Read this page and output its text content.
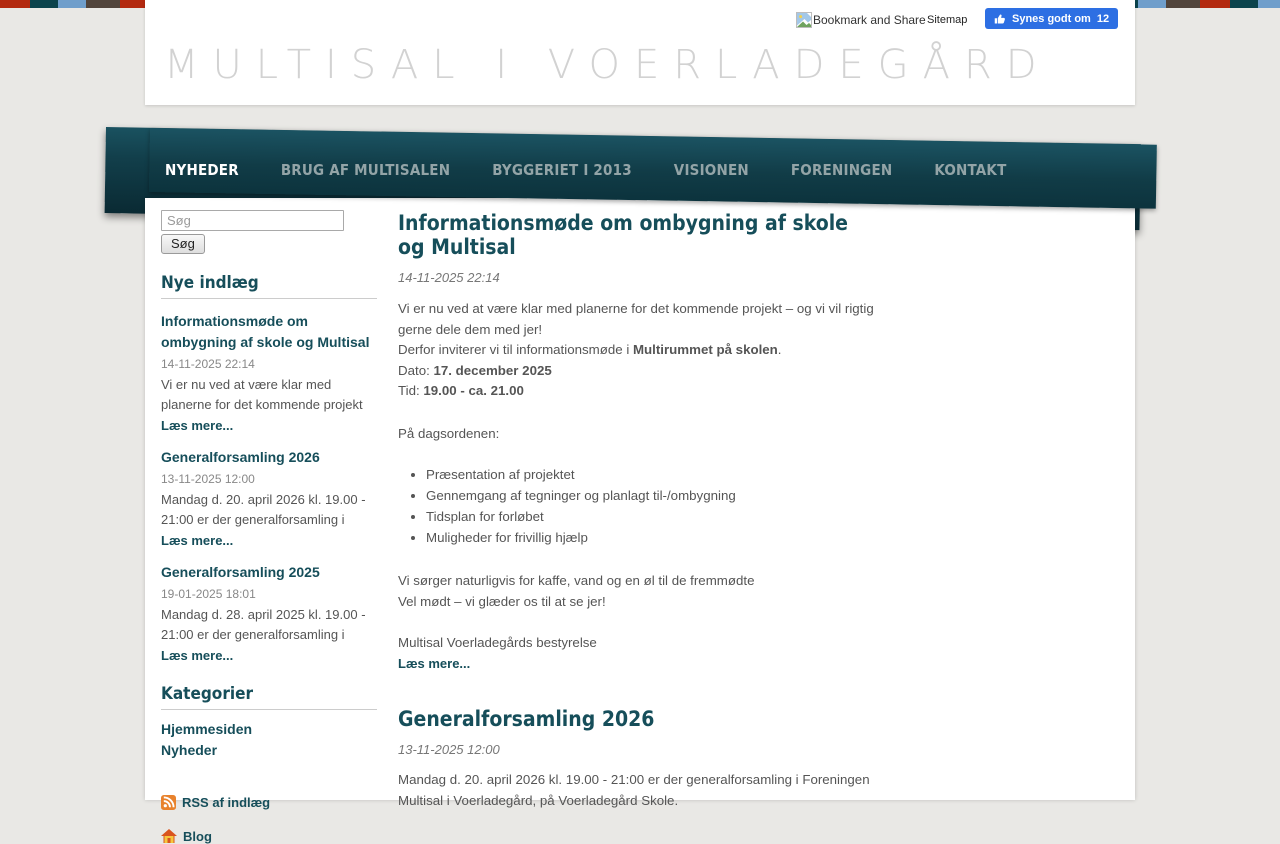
MULTISAL I VOERLADEGÅRD
Bookmark and Share Sitemap	Synes godt om 12
NYHEDER	BRUG AF MULTISALEN	BYGGERIET I 2013	VISIONEN	FORENINGEN	KONTAKT
Søg
Søg
Nye indlæg
Informationsmøde om ombygning af skole og Multisal
14-11-2025 22:14
Vi er nu ved at være klar med planerne for det kommende projekt
Læs mere...
Generalforsamling 2026
13-11-2025 12:00
Mandag d. 20. april 2026 kl. 19.00 - 21:00 er der generalforsamling i
Læs mere...
Generalforsamling 2025
19-01-2025 18:01
Mandag d. 28. april 2025 kl. 19.00 - 21:00 er der generalforsamling i
Læs mere...
Kategorier
Hjemmesiden
Nyheder
RSS af indlæg
Blog
Informationsmøde om ombygning af skole og Multisal
14-11-2025 22:14

Vi er nu ved at være klar med planerne for det kommende projekt – og vi vil rigtig gerne dele dem med jer!
Derfor inviterer vi til informationsmøde i Multirummet på skolen.
Dato: 17. december 2025
Tid: 19.00 - ca. 21.00

På dagsordenen:

• Præsentation af projektet
• Gennemgang af tegninger og planlagt til-/ombygning
• Tidsplan for forløbet
• Muligheder for frivillig hjælp

Vi sørger naturligvis for kaffe, vand og en øl til de fremmødte
Vel mødt – vi glæder os til at se jer!

Multisal Voerladegårds bestyrelse

Læs mere...
Generalforsamling 2026
13-11-2025 12:00

Mandag d. 20. april 2026 kl. 19.00 - 21:00 er der generalforsamling i Foreningen Multisal i Voerladegård, på Voerladegård Skole.
